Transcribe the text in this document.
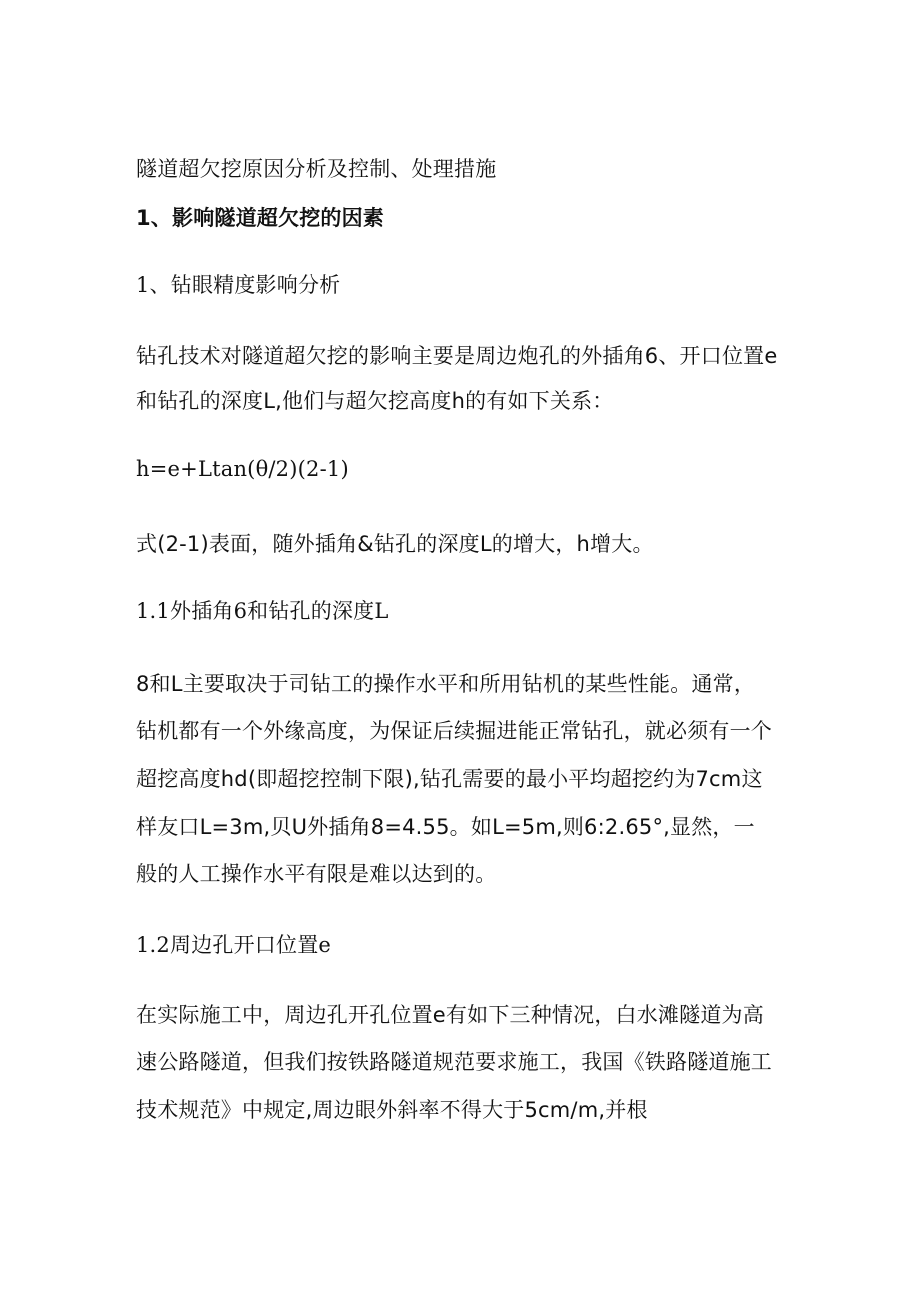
隧道超欠挖原因分析及控制、处理措施
1、影响隧道超欠挖的因素
1、钻眼精度影响分析
钻孔技术对隧道超欠挖的影响主要是周边炮孔的外插角6、开口位置e
和钻孔的深度L,他们与超欠挖高度h的有如下关系：
h=e+Ltan(θ/2)(2-1)
式(2-1)表面，随外插角&钻孔的深度L的增大，h增大。
1.1外插角6和钻孔的深度L
8和L主要取决于司钻工的操作水平和所用钻机的某些性能。通常，
钻机都有一个外缘高度，为保证后续掘进能正常钻孔，就必须有一个
超挖高度hd(即超挖控制下限),钻孔需要的最小平均超挖约为7cm这
样友口L=3m,贝U外插角8=4.55。如L=5m,则6:2.65°,显然，一
般的人工操作水平有限是难以达到的。
1.2周边孔开口位置e
在实际施工中，周边孔开孔位置e有如下三种情况，白水滩隧道为高
速公路隧道，但我们按铁路隧道规范要求施工，我国《铁路隧道施工
技术规范》中规定,周边眼外斜率不得大于5cm/m,并根
